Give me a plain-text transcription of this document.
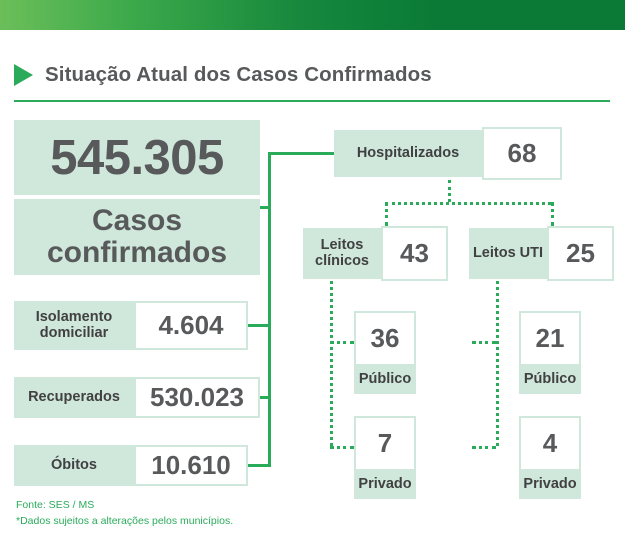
Situação Atual dos Casos Confirmados
545.305
Casos confirmados
Isolamento domiciliar	4.604
Recuperados	530.023
Óbitos	10.610
Hospitalizados	68
Leitos clínicos	43	Leitos UTI 25
36
Público
7
Privado
21
Público
4
Privado
Fonte: SES / MS
*Dados sujeitos a alterações pelos municípios.
